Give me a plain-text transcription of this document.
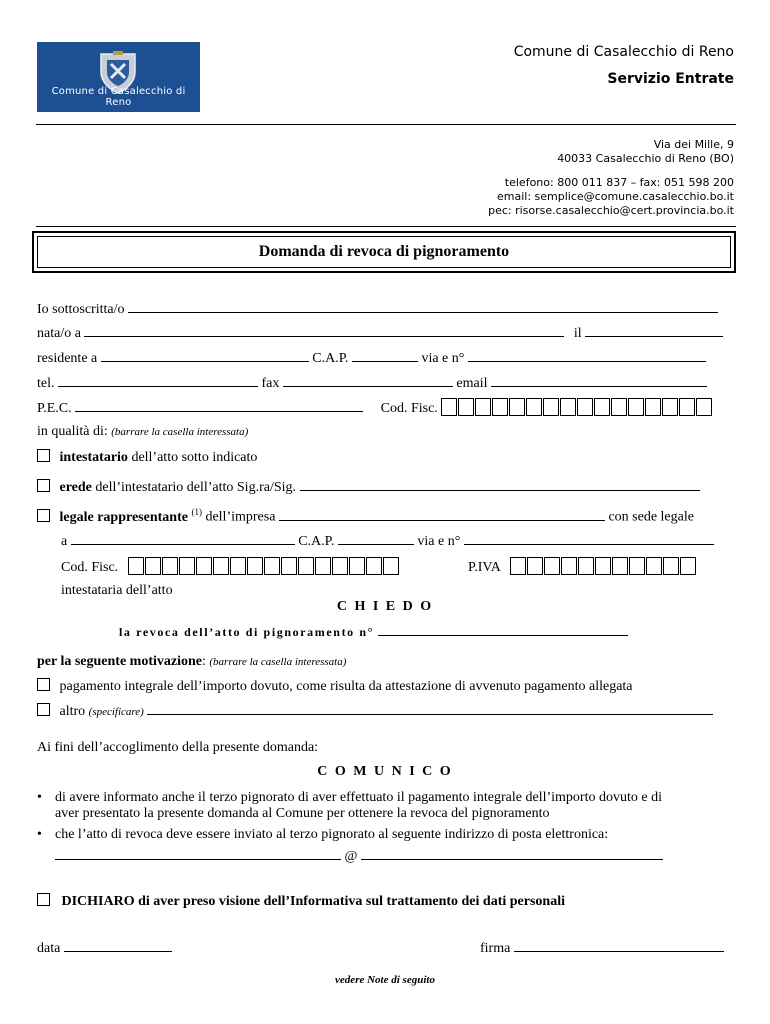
Comune di Casalecchio di Reno
Comune di Casalecchio di Reno
Servizio Entrate
Via dei Mille, 9
40033 Casalecchio di Reno (BO)
telefono: 800 011 837 – fax: 051 598 200
email: semplice@comune.casalecchio.bo.it
pec: risorse.casalecchio@cert.provincia.bo.it
Domanda di revoca di pignoramento
Io sottoscritta/o
nata/o a	il
residente a	C.A.P.	via e n°
tel.	fax	email
P.E.C.	Cod. Fisc.
in qualità di: (barrare la casella interessata)
intestatario dell’atto sotto indicato
erede dell’intestatario dell’atto Sig.ra/Sig.
legale rappresentante $^{(1)}$ dell’impresa	con sede legale
a	C.A.P.	via e n°
Cod. Fisc.	P.IVA
intestataria dell’atto
C H I E D O
la revoca dell’atto di pignoramento n°
per la seguente motivazione: (barrare la casella interessata)
pagamento integrale dell’importo dovuto, come risulta da attestazione di avvenuto pagamento allegata
altro (specificare)
Ai fini dell’accoglimento della presente domanda:
C O M U N I C O
• di avere informato anche il terzo pignorato di aver effettuato il pagamento integrale dell’importo dovuto e di
aver presentato la presente domanda al Comune per ottenere la revoca del pignoramento
• che l’atto di revoca deve essere inviato al terzo pignorato al seguente indirizzo di posta elettronica:
@
DICHIARO di aver preso visione dell’Informativa sul trattamento dei dati personali
data	firma
vedere Note di seguito
